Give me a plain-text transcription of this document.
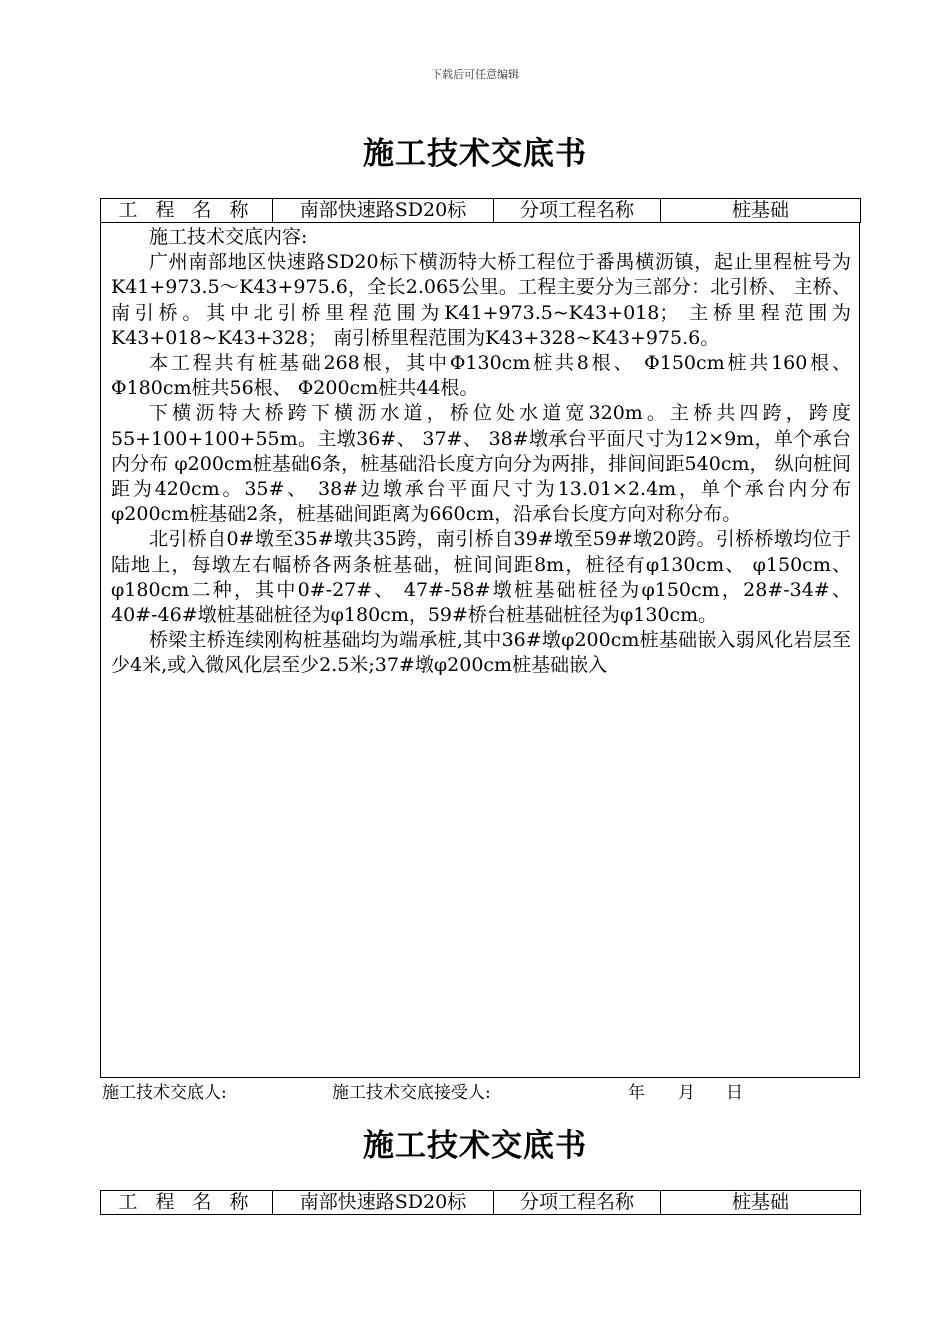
下载后可任意编辑
施工技术交底书
工 程 名 称	南部快速路SD20标	分项工程名称	桩基础

施工技术交底内容:

广州南部地区快速路SD20标下横沥特大桥工程位于番禺横沥镇，起止里程桩号为K41+973.5～K43+975.6，全长2.065公里。工程主要分为三部分：北引桥、 主桥、 南引桥。其中北引桥里程范围为K41+973.5~K43+018； 主桥里程范围为K43+018~K43+328； 南引桥里程范围为K43+328~K43+975.6。

本工程共有桩基础268根，其中Φ130cm桩共8根、 Φ150cm桩共160根、 Φ180cm桩共56根、 Φ200cm桩共44根。

下横沥特大桥跨下横沥水道，桥位处水道宽320m。主桥共四跨，跨度55+100+100+55m。主墩36#、 37#、 38#墩承台平面尺寸为12×9m，单个承台内分布 φ200cm桩基础6条，桩基础沿长度方向分为两排，排间间距540cm， 纵向桩间距为420cm。35#、 38#边墩承台平面尺寸为13.01×2.4m，单个承台内分布 φ200cm桩基础2条，桩基础间距离为660cm，沿承台长度方向对称分布。

北引桥自0#墩至35#墩共35跨，南引桥自39#墩至59#墩20跨。引桥桥墩均位于陆地上，每墩左右幅桥各两条桩基础，桩间间距8m，桩径有φ130cm、 φ150cm、 φ180cm二种，其中0#-27#、 47#-58#墩桩基础桩径为φ150cm，28#-34#、 40#-46#墩桩基础桩径为φ180cm，59#桥台桩基础桩径为φ130cm。

桥梁主桥连续刚构桩基础均为端承桩,其中36#墩φ200cm桩基础嵌入弱风化岩层至少4米,或入微风化层至少2.5米;37#墩φ200cm桩基础嵌入

施工技术交底人:	施工技术交底接受人:	年 月 日
施工技术交底书
工 程 名 称	南部快速路SD20标	分项工程名称	桩基础
